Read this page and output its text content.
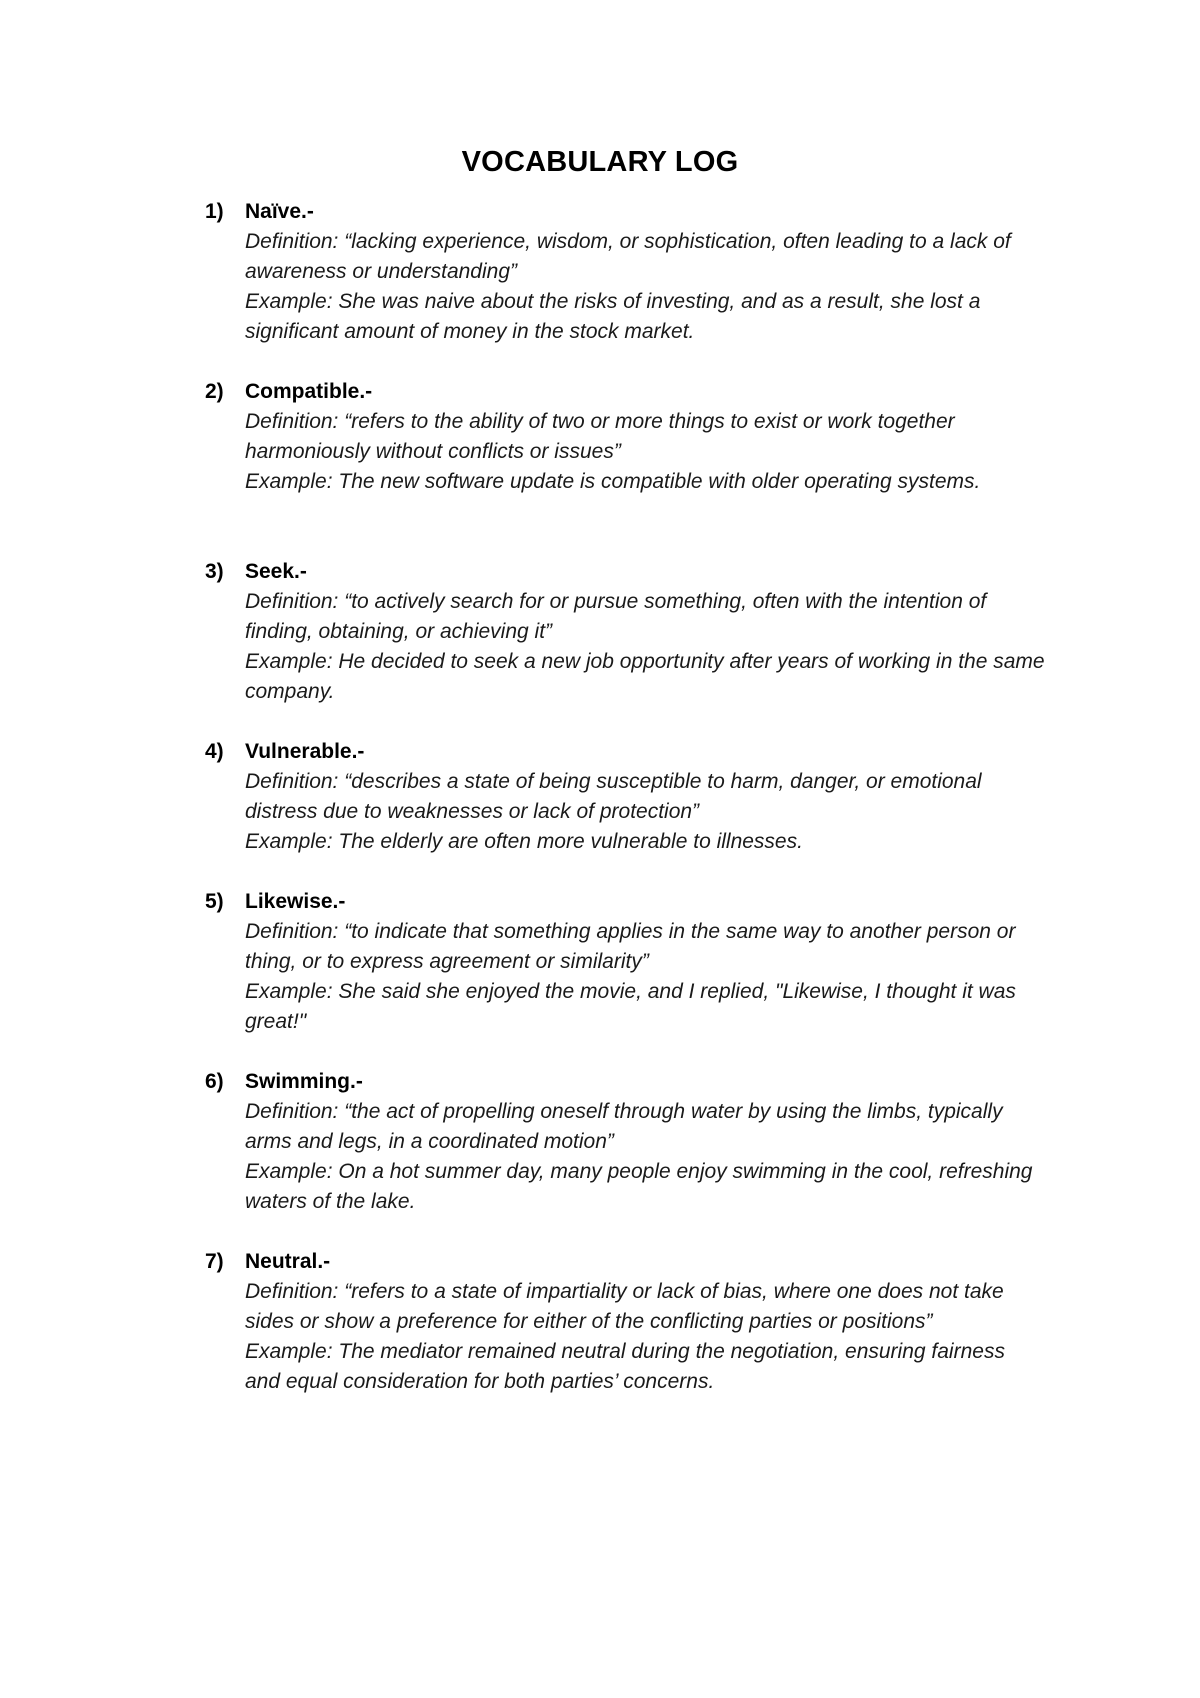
VOCABULARY LOG
1)	Naïve.-

Definition: “lacking experience, wisdom, or sophistication, often leading to a lack of awareness or understanding”

Example: She was naive about the risks of investing, and as a result, she lost a significant amount of money in the stock market.

2)	Compatible.-

Definition: “refers to the ability of two or more things to exist or work together harmoniously without conflicts or issues”

Example: The new software update is compatible with older operating systems.

3)	Seek.-

Definition: “to actively search for or pursue something, often with the intention of finding, obtaining, or achieving it”

Example: He decided to seek a new job opportunity after years of working in the same company.

4)	Vulnerable.-

Definition: “describes a state of being susceptible to harm, danger, or emotional distress due to weaknesses or lack of protection”

Example: The elderly are often more vulnerable to illnesses.

5)	Likewise.-

Definition: “to indicate that something applies in the same way to another person or thing, or to express agreement or similarity”

Example: She said she enjoyed the movie, and I replied, "Likewise, I thought it was great!"

6)	Swimming.-

Definition: “the act of propelling oneself through water by using the limbs, typically arms and legs, in a coordinated motion”

Example: On a hot summer day, many people enjoy swimming in the cool, refreshing waters of the lake.

7)	Neutral.-

Definition: “refers to a state of impartiality or lack of bias, where one does not take sides or show a preference for either of the conflicting parties or positions”

Example: The mediator remained neutral during the negotiation, ensuring fairness and equal consideration for both parties’ concerns.
